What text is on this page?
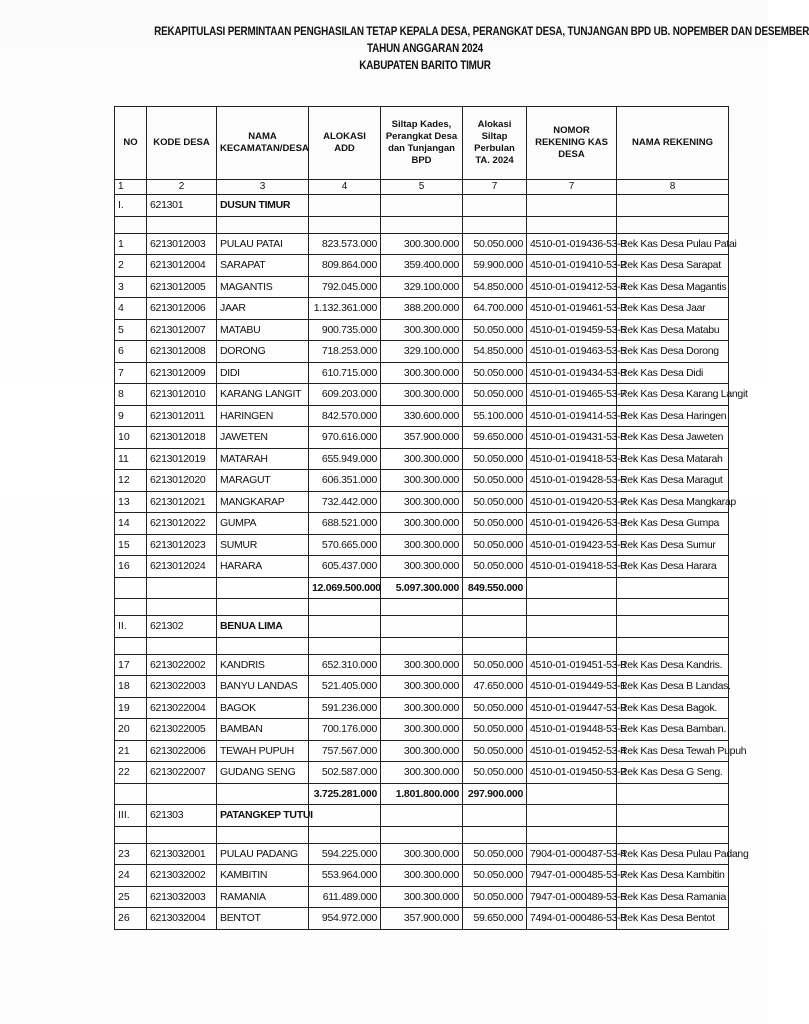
REKAPITULASI PERMINTAAN PENGHASILAN TETAP KEPALA DESA, PERANGKAT DESA, TUNJANGAN BPD UB. NOPEMBER DAN DESEMBER
TAHUN ANGGARAN 2024
KABUPATEN BARITO TIMUR
NO	KODE DESA	NAMA KECAMATAN/DESA	ALOKASI ADD	Siltap Kades, Perangkat Desa dan Tunjangan BPD	Alokasi Siltap Perbulan TA. 2024	NOMOR REKENING KAS DESA	NAMA REKENING
1	2	3	4	5	7	7	8
I.	621301	DUSUN TIMUR					

1	6213012003	PULAU PATAI	823.573.000	300.300.000	50.050.000	4510-01-019436-53-8	Rek Kas Desa Pulau Patai
2	6213012004	SARAPAT	809.864.000	359.400.000	59.900.000	4510-01-019410-53-2	Rek Kas Desa Sarapat
3	6213012005	MAGANTIS	792.045.000	329.100.000	54.850.000	4510-01-019412-53-4	Rek Kas Desa Magantis
4	6213012006	JAAR	1.132.361.000	388.200.000	64.700.000	4510-01-019461-53-3	Rek Kas Desa Jaar
5	6213012007	MATABU	900.735.000	300.300.000	50.050.000	4510-01-019459-53-6	Rek Kas Desa Matabu
6	6213012008	DORONG	718.253.000	329.100.000	54.850.000	4510-01-019463-53-5	Rek Kas Desa Dorong
7	6213012009	DIDI	610.715.000	300.300.000	50.050.000	4510-01-019434-53-8	Rek Kas Desa Didi
8	6213012010	KARANG LANGIT	609.203.000	300.300.000	50.050.000	4510-01-019465-53-7	Rek Kas Desa Karang Langit
9	6213012011	HARINGEN	842.570.000	330.600.000	55.100.000	4510-01-019414-53-8	Rek Kas Desa Haringen
10	6213012018	JAWETEN	970.616.000	357.900.000	59.650.000	4510-01-019431-53-8	Rek Kas Desa Jaweten
11	6213012019	MATARAH	655.949.000	300.300.000	50.050.000	4510-01-019418-53-8	Rek Kas Desa Matarah
12	6213012020	MARAGUT	606.351.000	300.300.000	50.050.000	4510-01-019428-53-5	Rek Kas Desa Maragut
13	6213012021	MANGKARAP	732.442.000	300.300.000	50.050.000	4510-01-019420-53-7	Rek Kas Desa Mangkarap
14	6213012022	GUMPA	688.521.000	300.300.000	50.050.000	4510-01-019426-53-3	Rek Kas Desa Gumpa
15	6213012023	SUMUR	570.665.000	300.300.000	50.050.000	4510-01-019423-53-5	Rek Kas Desa Sumur
16	6213012024	HARARA	605.437.000	300.300.000	50.050.000	4510-01-019418-53-0	Rek Kas Desa Harara
			12.069.500.000	5.097.300.000	849.550.000		

II.	621302	BENUA LIMA					

17	6213022002	KANDRIS	652.310.000	300.300.000	50.050.000	4510-01-019451-53-8	Rek Kas Desa Kandris.
18	6213022003	BANYU LANDAS	521.405.000	300.300.000	47.650.000	4510-01-019449-53-1	Rek Kas Desa B Landas.
19	6213022004	BAGOK	591.236.000	300.300.000	50.050.000	4510-01-019447-53-9	Rek Kas Desa Bagok.
20	6213022005	BAMBAN	700.176.000	300.300.000	50.050.000	4510-01-019448-53-5	Rek Kas Desa Bamban.
21	6213022006	TEWAH PUPUH	757.567.000	300.300.000	50.050.000	4510-01-019452-53-4	Rek Kas Desa Tewah Pupuh
22	6213022007	GUDANG SENG	502.587.000	300.300.000	50.050.000	4510-01-019450-53-2	Rek Kas Desa G Seng.
			3.725.281.000	1.801.800.000	297.900.000		
III.	621303	PATANGKEP TUTUI					

23	6213032001	PULAU PADANG	594.225.000	300.300.000	50.050.000	7904-01-000487-53-4	Rek Kas Desa Pulau Padang
24	6213032002	KAMBITIN	553.964.000	300.300.000	50.050.000	7947-01-000485-53-7	Rek Kas Desa Kambitin
25	6213032003	RAMANIA	611.489.000	300.300.000	50.050.000	7947-01-000489-53-6	Rek Kas Desa Ramania
26	6213032004	BENTOT	954.972.000	357.900.000	59.650.000	7494-01-000486-53-8	Rek Kas Desa Bentot
